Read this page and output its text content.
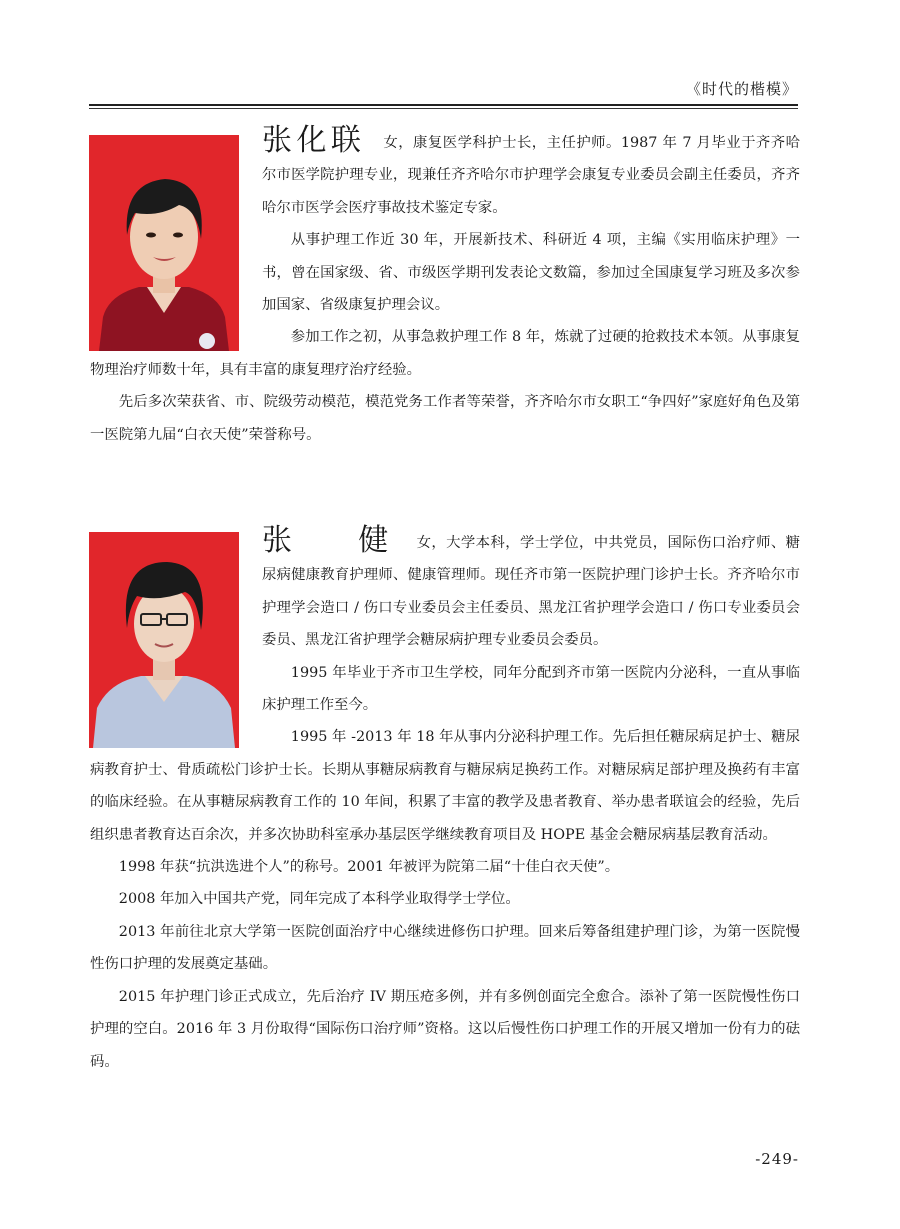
《时代的楷模》

张化联 女，康复医学科护士长，主任护师。1987 年 7 月毕业于齐齐哈尔市医学院护理专业，现兼任齐齐哈尔市护理学会康复专业委员会副主任委员，齐齐哈尔市医学会医疗事故技术鉴定专家。

从事护理工作近 30 年，开展新技术、科研近 4 项，主编《实用临床护理》一书，曾在国家级、省、市级医学期刊发表论文数篇，参加过全国康复学习班及多次参加国家、省级康复护理会议。

参加工作之初，从事急救护理工作 8 年，炼就了过硬的抢救技术本领。从事康复物理治疗师数十年，具有丰富的康复理疗治疗经验。

先后多次荣获省、市、院级劳动模范，模范党务工作者等荣誉，齐齐哈尔市女职工“争四好”家庭好角色及第一医院第九届“白衣天使”荣誉称号。

张 健女，大学本科，学士学位，中共党员，国际伤口治疗师、糖尿病健康教育护理师、健康管理师。现任齐市第一医院护理门诊护士长。齐齐哈尔市护理学会造口 / 伤口专业委员会主任委员、黑龙江省护理学会造口 / 伤口专业委员会委员、黑龙江省护理学会糖尿病护理专业委员会委员。

1995 年毕业于齐市卫生学校，同年分配到齐市第一医院内分泌科，一直从事临床护理工作至今。

1995 年 -2013 年 18 年从事内分泌科护理工作。先后担任糖尿病足护士、糖尿病教育护士、骨质疏松门诊护士长。长期从事糖尿病教育与糖尿病足换药工作。对糖尿病足部护理及换药有丰富的临床经验。在从事糖尿病教育工作的 10 年间，积累了丰富的教学及患者教育、举办患者联谊会的经验，先后组织患者教育达百余次，并多次协助科室承办基层医学继续教育项目及 HOPE 基金会糖尿病基层教育活动。

1998 年获“抗洪选进个人”的称号。2001 年被评为院第二届“十佳白衣天使”。

2008 年加入中国共产党，同年完成了本科学业取得学士学位。

2013 年前往北京大学第一医院创面治疗中心继续进修伤口护理。回来后筹备组建护理门诊，为第一医院慢性伤口护理的发展奠定基础。

2015 年护理门诊正式成立，先后治疗 IV 期压疮多例，并有多例创面完全愈合。添补了第一医院慢性伤口护理的空白。2016 年 3 月份取得“国际伤口治疗师”资格。这以后慢性伤口护理工作的开展又增加一份有力的砝码。

-249-
